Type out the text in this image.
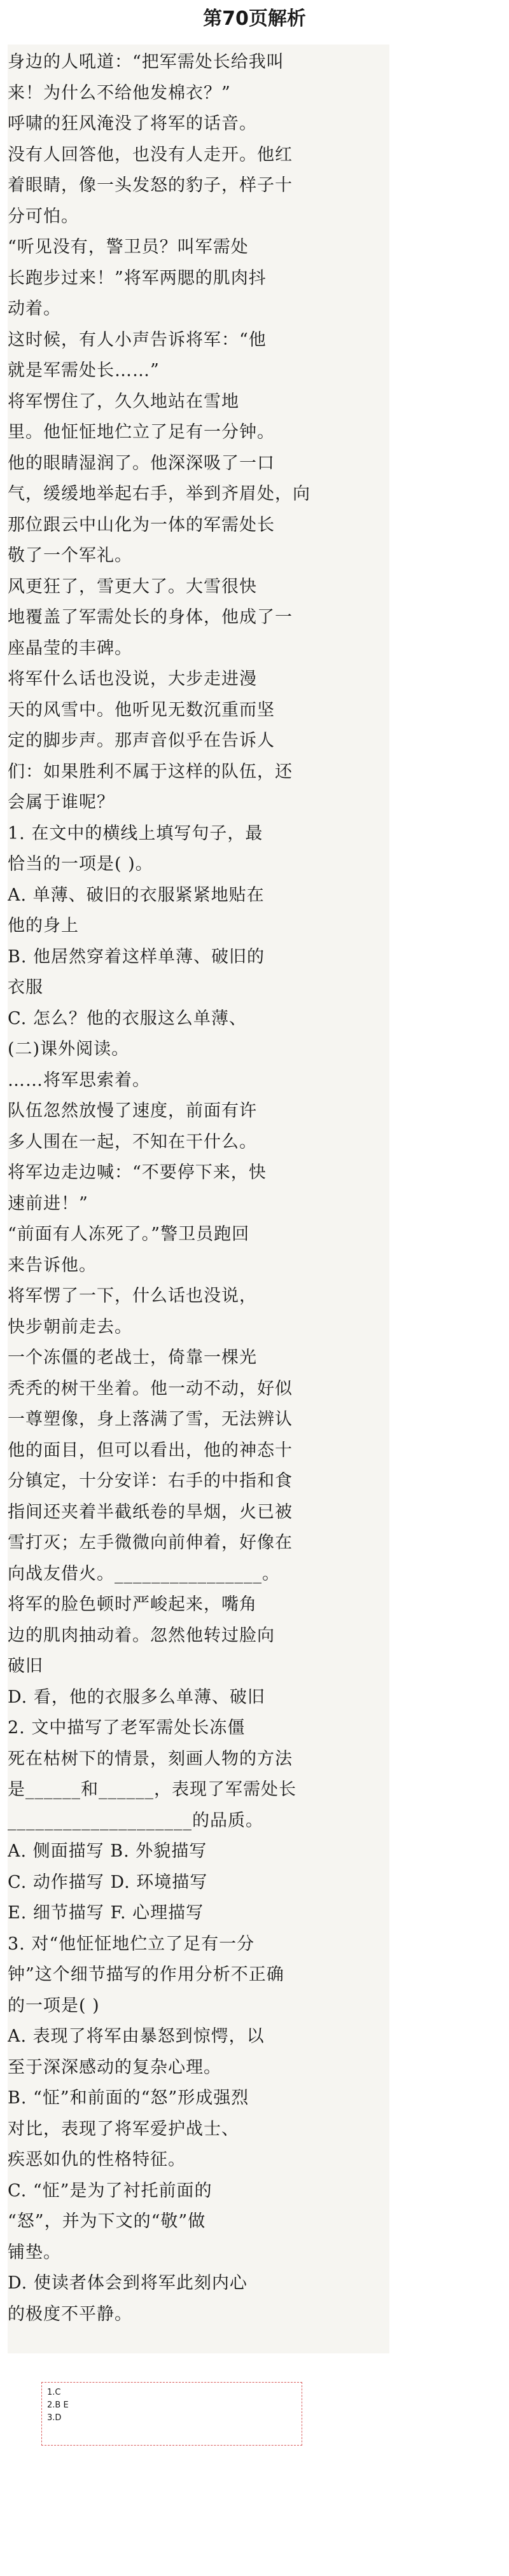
第70页解析
身边的人吼道：“把军需处长给我叫
来！为什么不给他发棉衣？”
呼啸的狂风淹没了将军的话音。
没有人回答他，也没有人走开。他红
着眼睛，像一头发怒的豹子，样子十
分可怕。
“听见没有，警卫员？叫军需处
长跑步过来！”将军两腮的肌肉抖
动着。
这时候，有人小声告诉将军：“他
就是军需处长……”
将军愣住了，久久地站在雪地
里。他怔怔地伫立了足有一分钟。
他的眼睛湿润了。他深深吸了一口
气，缓缓地举起右手，举到齐眉处，向
那位跟云中山化为一体的军需处长
敬了一个军礼。
风更狂了，雪更大了。大雪很快
地覆盖了军需处长的身体，他成了一
座晶莹的丰碑。
将军什么话也没说，大步走进漫
天的风雪中。他听见无数沉重而坚
定的脚步声。那声音似乎在告诉人
们：如果胜利不属于这样的队伍，还
会属于谁呢？
1. 在文中的横线上填写句子，最
恰当的一项是( )。
A. 单薄、破旧的衣服紧紧地贴在
他的身上
B. 他居然穿着这样单薄、破旧的
衣服
C. 怎么？他的衣服这么单薄、
(二)课外阅读。
……将军思索着。
队伍忽然放慢了速度，前面有许
多人围在一起，不知在干什么。
将军边走边喊：“不要停下来，快
速前进！”
“前面有人冻死了。”警卫员跑回
来告诉他。
将军愣了一下，什么话也没说，
快步朝前走去。
一个冻僵的老战士，倚靠一棵光
秃秃的树干坐着。他一动不动，好似
一尊塑像，身上落满了雪，无法辨认
他的面目，但可以看出，他的神态十
分镇定，十分安详：右手的中指和食
指间还夹着半截纸卷的旱烟，火已被
雪打灭；左手微微向前伸着，好像在
向战友借火。________________。
将军的脸色顿时严峻起来，嘴角
边的肌肉抽动着。忽然他转过脸向
破旧
D. 看，他的衣服多么单薄、破旧
2. 文中描写了老军需处长冻僵
死在枯树下的情景，刻画人物的方法
是______和______，表现了军需处长
____________________的品质。
A. 侧面描写 B. 外貌描写
C. 动作描写 D. 环境描写
E. 细节描写 F. 心理描写
3. 对“他怔怔地伫立了足有一分
钟”这个细节描写的作用分析不正确
的一项是( )
A. 表现了将军由暴怒到惊愕，以
至于深深感动的复杂心理。
B. “怔”和前面的“怒”形成强烈
对比，表现了将军爱护战士、
疾恶如仇的性格特征。
C. “怔”是为了衬托前面的
“怒”，并为下文的“敬”做
铺垫。
D. 使读者体会到将军此刻内心
的极度不平静。
1.C
2.B E
3.D
